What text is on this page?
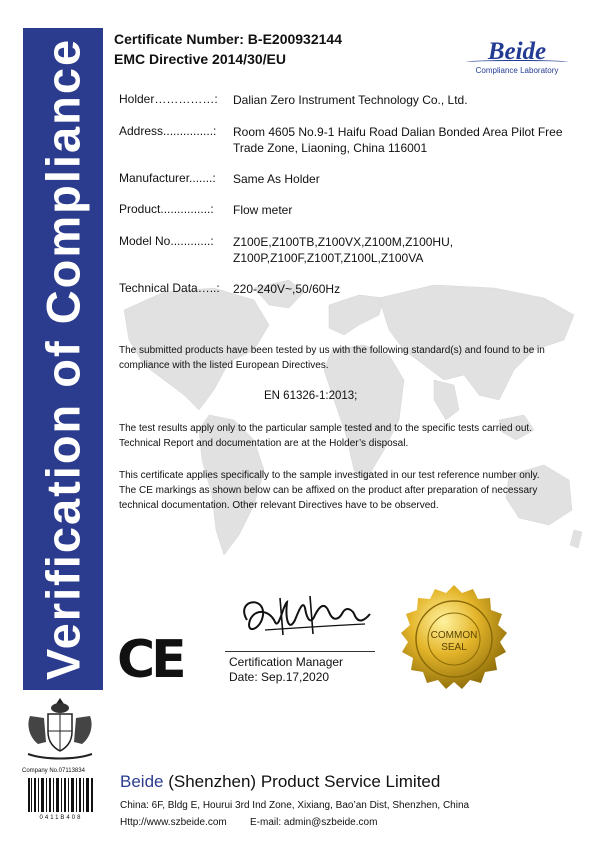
Verification of Compliance Certificate Number: B-E200932144
EMC Directive 2014/30/EU	Beide
Compliance Laboratory
Holder……………:	Dalian Zero Instrument Technology Co., Ltd.
Address...............:	Room 4605 No.9-1 Haifu Road Dalian Bonded Area Pilot Free Trade Zone, Liaoning, China 116001
Manufacturer.......:	Same As Holder
Product...............:	Flow meter
Model No............:	Z100E,Z100TB,Z100VX,Z100M,Z100HU, Z100P,Z100F,Z100T,Z100L,Z100VA
Technical Data…..:	220-240V~,50/60Hz
The submitted products have been tested by us with the following standard(s) and found to be in compliance with the listed European Directives.
EN 61326-1:2013;
The test results apply only to the particular sample tested and to the specific tests carried out. Technical Report and documentation are at the Holder’s disposal.
This certificate applies specifically to the sample investigated in our test reference number only. The CE markings as shown below can be affixed on the product after preparation of necessary technical documentation. Other relevant Directives have to be observed.
CE	Certification Manager
Date: Sep.17,2020
COMMON
SEAL
Company No.07113834
0411B408
Beide (Shenzhen) Product Service Limited
China: 6F, Bldg E, Hourui 3rd Ind Zone, Xixiang, Bao’an Dist, Shenzhen, China
Http://www.szbeide.com E-mail: admin@szbeide.com
